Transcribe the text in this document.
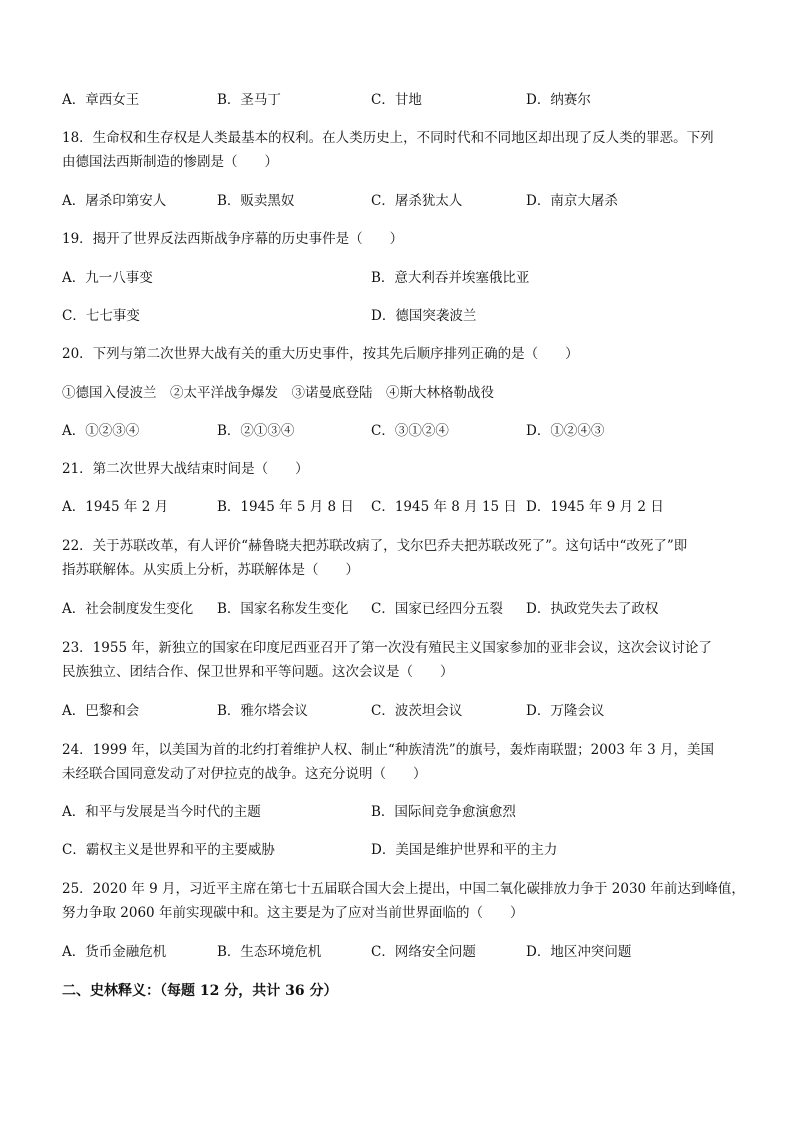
A．章西女王	B．圣马丁	C．甘地	D．纳赛尔
18．生命权和生存权是人类最基本的权利。在人类历史上，不同时代和不同地区却出现了反人类的罪恶。下列
由德国法西斯制造的惨剧是（　　）
A．屠杀印第安人	B．贩卖黑奴	C．屠杀犹太人	D．南京大屠杀
19．揭开了世界反法西斯战争序幕的历史事件是（　　）
A．九一八事变	B．意大利吞并埃塞俄比亚
C．七七事变	D．德国突袭波兰
20．下列与第二次世界大战有关的重大历史事件，按其先后顺序排列正确的是（　　）
①德国入侵波兰　②太平洋战争爆发　③诺曼底登陆　④斯大林格勒战役
A．①②③④	B．②①③④	C．③①②④	D．①②④③
21．第二次世界大战结束时间是（　　）
A．1945 年 2 月	B．1945 年 5 月 8 日 C．1945 年 8 月 15 日 D．1945 年 9 月 2 日
22．关于苏联改革，有人评价“赫鲁晓夫把苏联改病了，戈尔巴乔夫把苏联改死了”。这句话中“改死了”即
指苏联解体。从实质上分析，苏联解体是（　　）
A．社会制度发生变化 B．国家名称发生变化 C．国家已经四分五裂 D．执政党失去了政权
23．1955 年，新独立的国家在印度尼西亚召开了第一次没有殖民主义国家参加的亚非会议，这次会议讨论了
民族独立、团结合作、保卫世界和平等问题。这次会议是（　　）
A．巴黎和会	B．雅尔塔会议	C．波茨坦会议	D．万隆会议
24．1999 年，以美国为首的北约打着维护人权、制止“种族清洗”的旗号，轰炸南联盟；2003 年 3 月，美国
未经联合国同意发动了对伊拉克的战争。这充分说明（　　）
A．和平与发展是当今时代的主题	B．国际间竞争愈演愈烈
C．霸权主义是世界和平的主要威胁	D．美国是维护世界和平的主力
25．2020 年 9 月，习近平主席在第七十五届联合国大会上提出，中国二氧化碳排放力争于 2030 年前达到峰值，
努力争取 2060 年前实现碳中和。这主要是为了应对当前世界面临的（　　）
A．货币金融危机	B．生态环境危机	C．网络安全问题	D．地区冲突问题
二、史林释义：（每题 12 分，共计 36 分）
